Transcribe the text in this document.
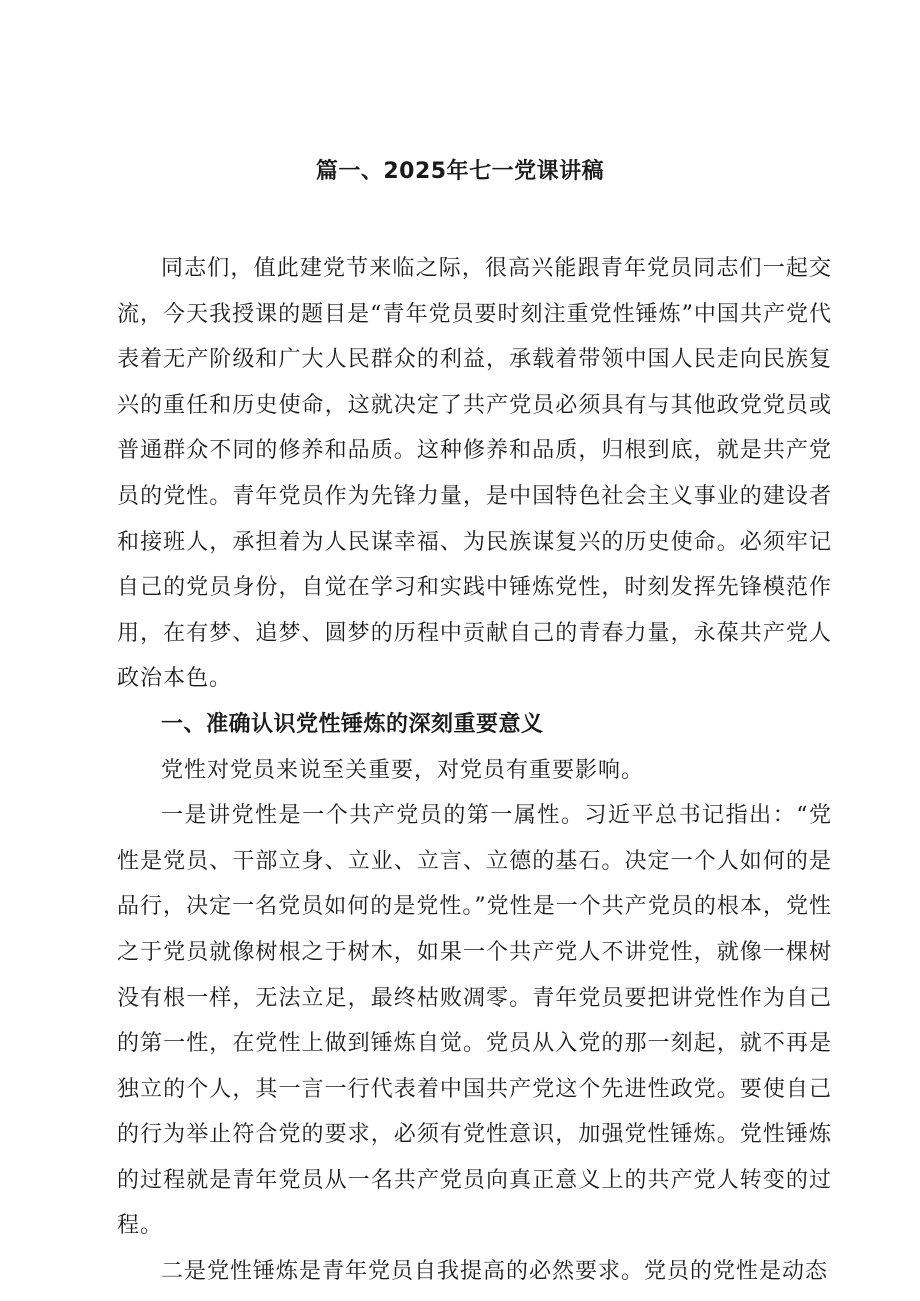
篇一、2025年七一党课讲稿

同志们，值此建党节来临之际，很高兴能跟青年党员同志们一起交流，今天我授课的题目是“青年党员要时刻注重党性锤炼”中国共产党代表着无产阶级和广大人民群众的利益，承载着带领中国人民走向民族复兴的重任和历史使命，这就决定了共产党员必须具有与其他政党党员或普通群众不同的修养和品质。这种修养和品质，归根到底，就是共产党员的党性。青年党员作为先锋力量，是中国特色社会主义事业的建设者和接班人，承担着为人民谋幸福、为民族谋复兴的历史使命。必须牢记自己的党员身份，自觉在学习和实践中锤炼党性，时刻发挥先锋模范作用，在有梦、追梦、圆梦的历程中贡献自己的青春力量，永葆共产党人政治本色。

一、准确认识党性锤炼的深刻重要意义

党性对党员来说至关重要，对党员有重要影响。

一是讲党性是一个共产党员的第一属性。习近平总书记指出：“党性是党员、干部立身、立业、立言、立德的基石。决定一个人如何的是品行，决定一名党员如何的是党性。”党性是一个共产党员的根本，党性之于党员就像树根之于树木，如果一个共产党人不讲党性，就像一棵树没有根一样，无法立足，最终枯败凋零。青年党员要把讲党性作为自己的第一性，在党性上做到锤炼自觉。党员从入党的那一刻起，就不再是独立的个人，其一言一行代表着中国共产党这个先进性政党。要使自己的行为举止符合党的要求，必须有党性意识，加强党性锤炼。党性锤炼的过程就是青年党员从一名共产党员向真正意义上的共产党人转变的过程。

二是党性锤炼是青年党员自我提高的必然要求。党员的党性是动态
